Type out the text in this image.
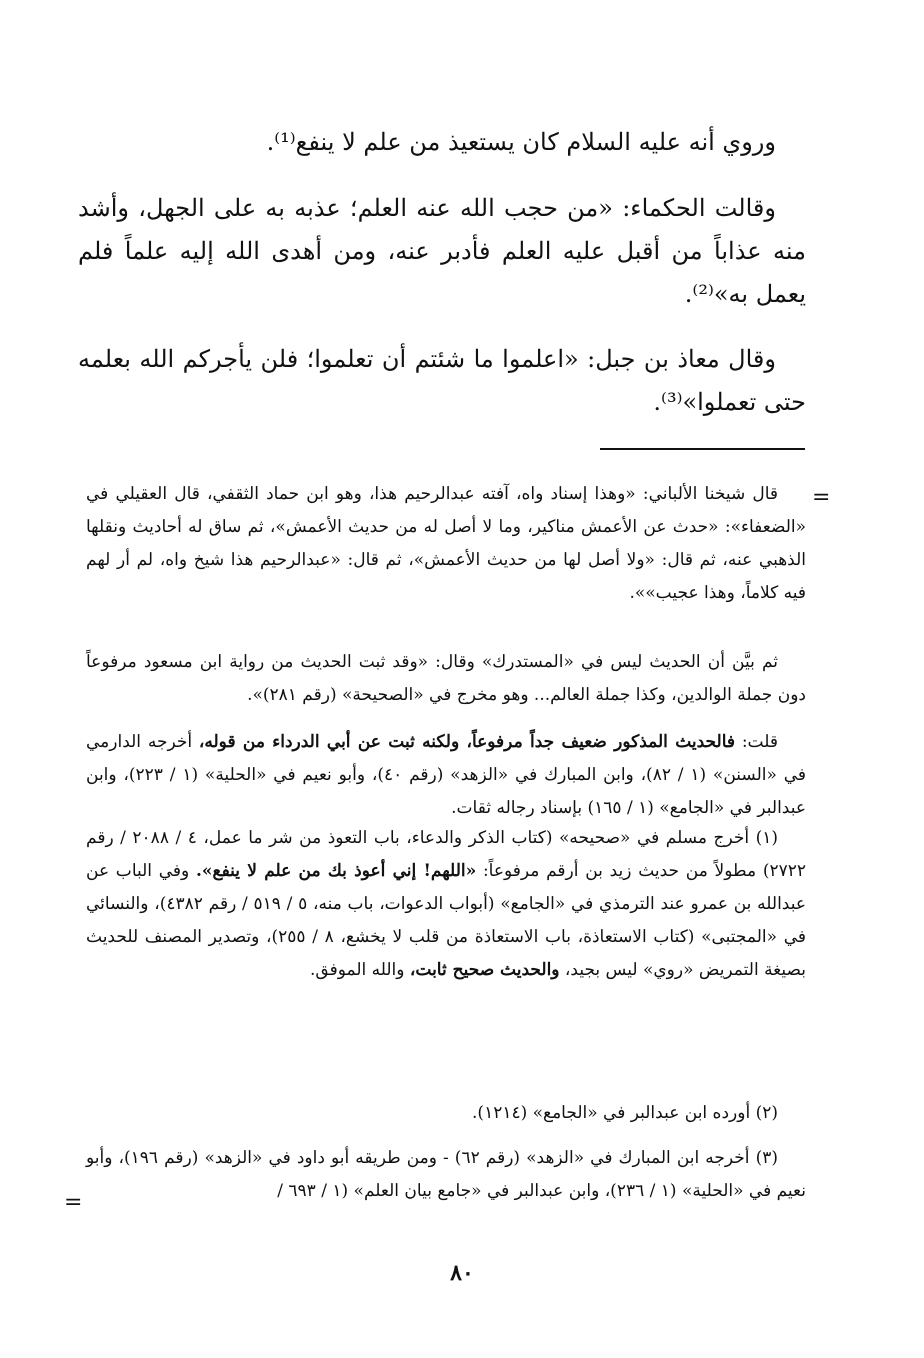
وروي أنه عليه السلام كان يستعيذ من علم لا ينفع⁽¹⁾.

وقالت الحكماء: «من حجب الله عنه العلم؛ عذبه به على الجهل، وأشد منه عذاباً من أقبل عليه العلم فأدبر عنه، ومن أهدى الله إليه علماً فلم يعمل به»⁽²⁾.

وقال معاذ بن جبل: «اعلموا ما شئتم أن تعلموا؛ فلن يأجركم الله بعلمه حتى تعملوا»⁽³⁾.

=

قال شيخنا الألباني: «وهذا إسناد واه، آفته عبدالرحيم هذا، وهو ابن حماد الثقفي، قال العقيلي في «الضعفاء»: «حدث عن الأعمش مناكير، وما لا أصل له من حديث الأعمش»، ثم ساق له أحاديث ونقلها الذهبي عنه، ثم قال: «ولا أصل لها من حديث الأعمش»، ثم قال: «عبدالرحيم هذا شيخ واه، لم أر لهم فيه كلاماً، وهذا عجيب»».

ثم بيَّن أن الحديث ليس في «المستدرك» وقال: «وقد ثبت الحديث من رواية ابن مسعود مرفوعاً دون جملة الوالدين، وكذا جملة العالم... وهو مخرج في «الصحيحة» (رقم ٢٨١)».

قلت: فالحديث المذكور ضعيف جداً مرفوعاً، ولكنه ثبت عن أبي الدرداء من قوله، أخرجه الدارمي في «السنن» (١ / ٨٢)، وابن المبارك في «الزهد» (رقم ٤٠)، وأبو نعيم في «الحلية» (١ / ٢٢٣)، وابن عبدالبر في «الجامع» (١ / ١٦٥) بإسناد رجاله ثقات.

(١) أخرج مسلم في «صحيحه» (كتاب الذكر والدعاء، باب التعوذ من شر ما عمل، ٤ / ٢٠٨٨ / رقم ٢٧٢٢) مطولاً من حديث زيد بن أرقم مرفوعاً: «اللهم! إني أعوذ بك من علم لا ينفع». وفي الباب عن عبدالله بن عمرو عند الترمذي في «الجامع» (أبواب الدعوات، باب منه، ٥ / ٥١٩ / رقم ٤٣٨٢)، والنسائي في «المجتبى» (كتاب الاستعاذة، باب الاستعاذة من قلب لا يخشع، ٨ / ٢٥٥)، وتصدير المصنف للحديث بصيغة التمريض «روي» ليس بجيد، والحديث صحيح ثابت، والله الموفق.

(٢) أورده ابن عبدالبر في «الجامع» (١٢١٤).

(٣) أخرجه ابن المبارك في «الزهد» (رقم ٦٢) - ومن طريقه أبو داود في «الزهد» (رقم ١٩٦)، وأبو نعيم في «الحلية» (١ / ٢٣٦)، وابن عبدالبر في «جامع بيان العلم» (١ / ٦٩٣ /

=
٨٠
